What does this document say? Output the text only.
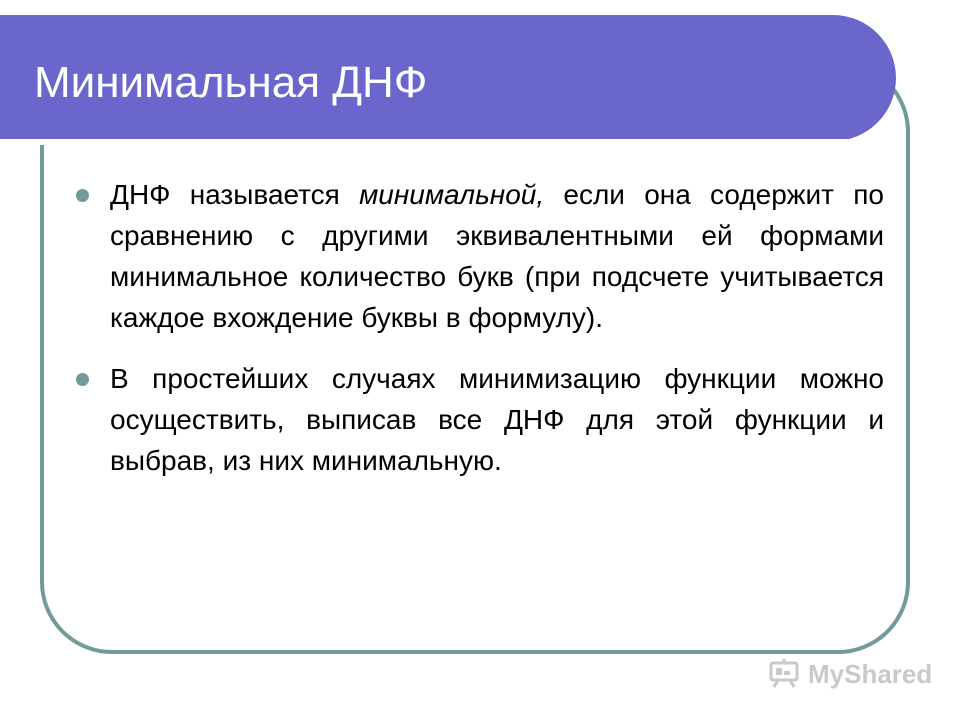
Минимальная ДНФ
ДНФ называется минимальной, если она содержит по сравнению с другими эквивалентными ей формами минимальное количество букв (при подсчете учитывается каждое вхождение буквы в формулу).
В простейших случаях минимизацию функции можно осуществить, выписав все ДНФ для этой функции и выбрав, из них минимальную.
MyShared
